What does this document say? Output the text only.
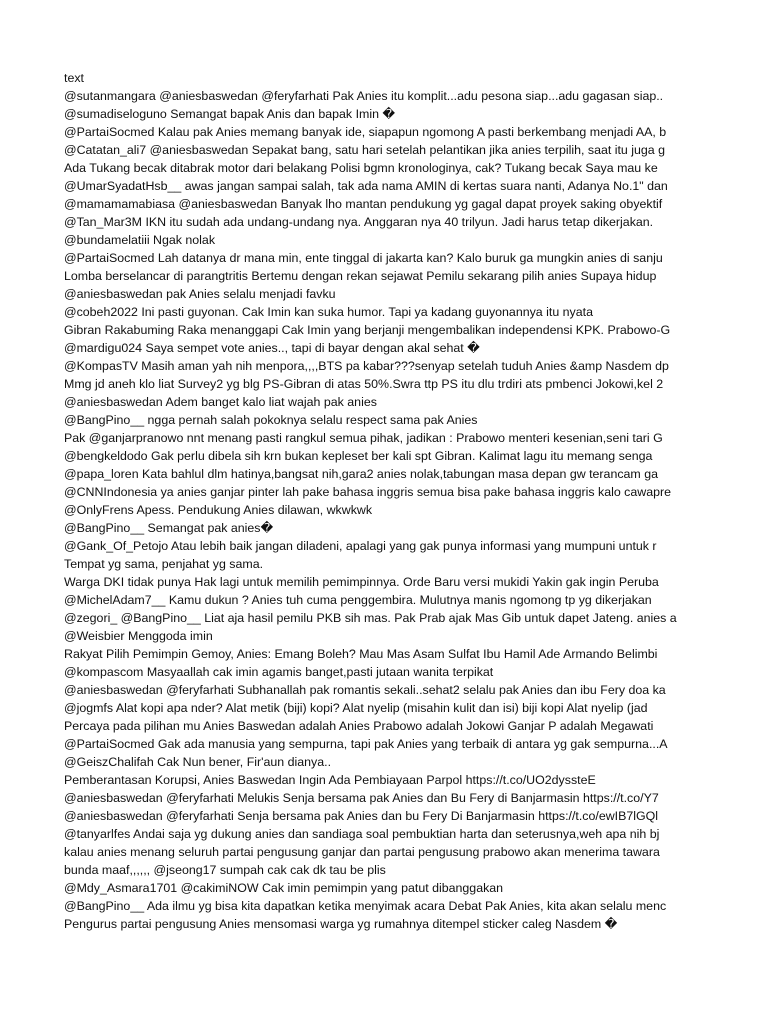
text
@sutanmangara @aniesbaswedan @feryfarhati Pak Anies itu komplit...adu pesona siap...adu gagasan siap..
@sumadiseloguno Semangat bapak Anis dan bapak Imin �
@PartaiSocmed Kalau pak Anies memang banyak ide, siapapun ngomong A pasti berkembang menjadi AA, b
@Catatan_ali7 @aniesbaswedan Sepakat bang, satu hari setelah pelantikan jika anies terpilih, saat itu juga g
Ada Tukang becak ditabrak motor dari belakang Polisi bgmn kronologinya, cak? Tukang becak Saya mau ke
@UmarSyadatHsb__ awas jangan sampai salah, tak ada nama AMIN di kertas suara nanti, Adanya No.1" dan
@mamamamabiasa @aniesbaswedan Banyak lho mantan pendukung yg gagal dapat proyek saking obyektif
@Tan_Mar3M IKN itu sudah ada undang-undang nya. Anggaran nya 40 trilyun. Jadi harus tetap dikerjakan.
@bundamelatiii Ngak nolak
@PartaiSocmed Lah datanya dr mana min, ente tinggal di jakarta kan? Kalo buruk ga mungkin anies di sanju
Lomba berselancar di parangtritis Bertemu dengan rekan sejawat Pemilu sekarang pilih anies Supaya hidup
@aniesbaswedan pak Anies selalu menjadi favku
@cobeh2022 Ini pasti guyonan. Cak Imin kan suka humor. Tapi ya kadang guyonannya itu nyata
Gibran Rakabuming Raka menanggapi Cak Imin yang berjanji mengembalikan independensi KPK. Prabowo-G
@mardigu024 Saya sempet vote anies.., tapi di bayar dengan akal sehat �
@KompasTV Masih aman yah nih menpora,,,,BTS pa kabar???senyap setelah tuduh Anies &amp Nasdem dp
Mmg jd aneh klo liat Survey2 yg blg PS-Gibran di atas 50%.Swra ttp PS itu dlu trdiri ats pmbenci Jokowi,kel 2
@aniesbaswedan Adem banget kalo liat wajah pak anies
@BangPino__ ngga pernah salah pokoknya selalu respect sama pak Anies
Pak @ganjarpranowo nnt menang pasti rangkul semua pihak, jadikan : Prabowo menteri kesenian,seni tari G
@bengkeldodo Gak perlu dibela sih krn bukan kepleset ber kali spt Gibran. Kalimat lagu itu memang senga
@papa_loren Kata bahlul dlm hatinya,bangsat nih,gara2 anies nolak,tabungan masa depan gw terancam ga
@CNNIndonesia ya anies ganjar pinter lah pake bahasa inggris semua bisa pake bahasa inggris kalo cawapre
@OnlyFrens Apess. Pendukung Anies dilawan, wkwkwk
@BangPino__ Semangat pak anies�
@Gank_Of_Petojo Atau lebih baik jangan diladeni, apalagi yang gak punya informasi yang mumpuni untuk r
Tempat yg sama, penjahat yg sama.
Warga DKI tidak punya Hak lagi untuk memilih pemimpinnya. Orde Baru versi mukidi Yakin gak ingin Peruba
@MichelAdam7__ Kamu dukun ? Anies tuh cuma penggembira. Mulutnya manis ngomong tp yg dikerjakan
@zegori_ @BangPino__ Liat aja hasil pemilu PKB sih mas. Pak Prab ajak Mas Gib untuk dapet Jateng. anies a
@Weisbier Menggoda imin
Rakyat Pilih Pemimpin Gemoy, Anies: Emang Boleh? Mau Mas Asam Sulfat Ibu Hamil Ade Armando Belimbi
@kompascom Masyaallah cak imin agamis banget,pasti jutaan wanita terpikat
@aniesbaswedan @feryfarhati Subhanallah pak romantis sekali..sehat2 selalu pak Anies dan ibu Fery doa ka
@jogmfs Alat kopi apa nder? Alat metik (biji) kopi? Alat nyelip (misahin kulit dan isi) biji kopi Alat nyelip (jad
Percaya pada pilihan mu Anies Baswedan adalah Anies Prabowo adalah Jokowi Ganjar P adalah Megawati
@PartaiSocmed Gak ada manusia yang sempurna, tapi pak Anies yang terbaik di antara yg gak sempurna...A
@GeiszChalifah Cak Nun bener, Fir'aun dianya..
Pemberantasan Korupsi, Anies Baswedan Ingin Ada Pembiayaan Parpol https://t.co/UO2dyssteE
@aniesbaswedan @feryfarhati Melukis Senja bersama pak Anies dan Bu Fery di Banjarmasin https://t.co/Y7
@aniesbaswedan @feryfarhati Senja bersama pak Anies dan bu Fery Di Banjarmasin https://t.co/ewIB7lGQl
@tanyarlfes Andai saja yg dukung anies dan sandiaga soal pembuktian harta dan seterusnya,weh apa nih bj
kalau anies menang seluruh partai pengusung ganjar dan partai pengusung prabowo akan menerima tawara
bunda maaf,,,,,, @jseong17 sumpah cak cak dk tau be plis
@Mdy_Asmara1701 @cakimiNOW Cak imin pemimpin yang patut dibanggakan
@BangPino__ Ada ilmu yg bisa kita dapatkan ketika menyimak acara Debat Pak Anies, kita akan selalu menc
Pengurus partai pengusung Anies mensomasi warga yg rumahnya ditempel sticker caleg Nasdem �
